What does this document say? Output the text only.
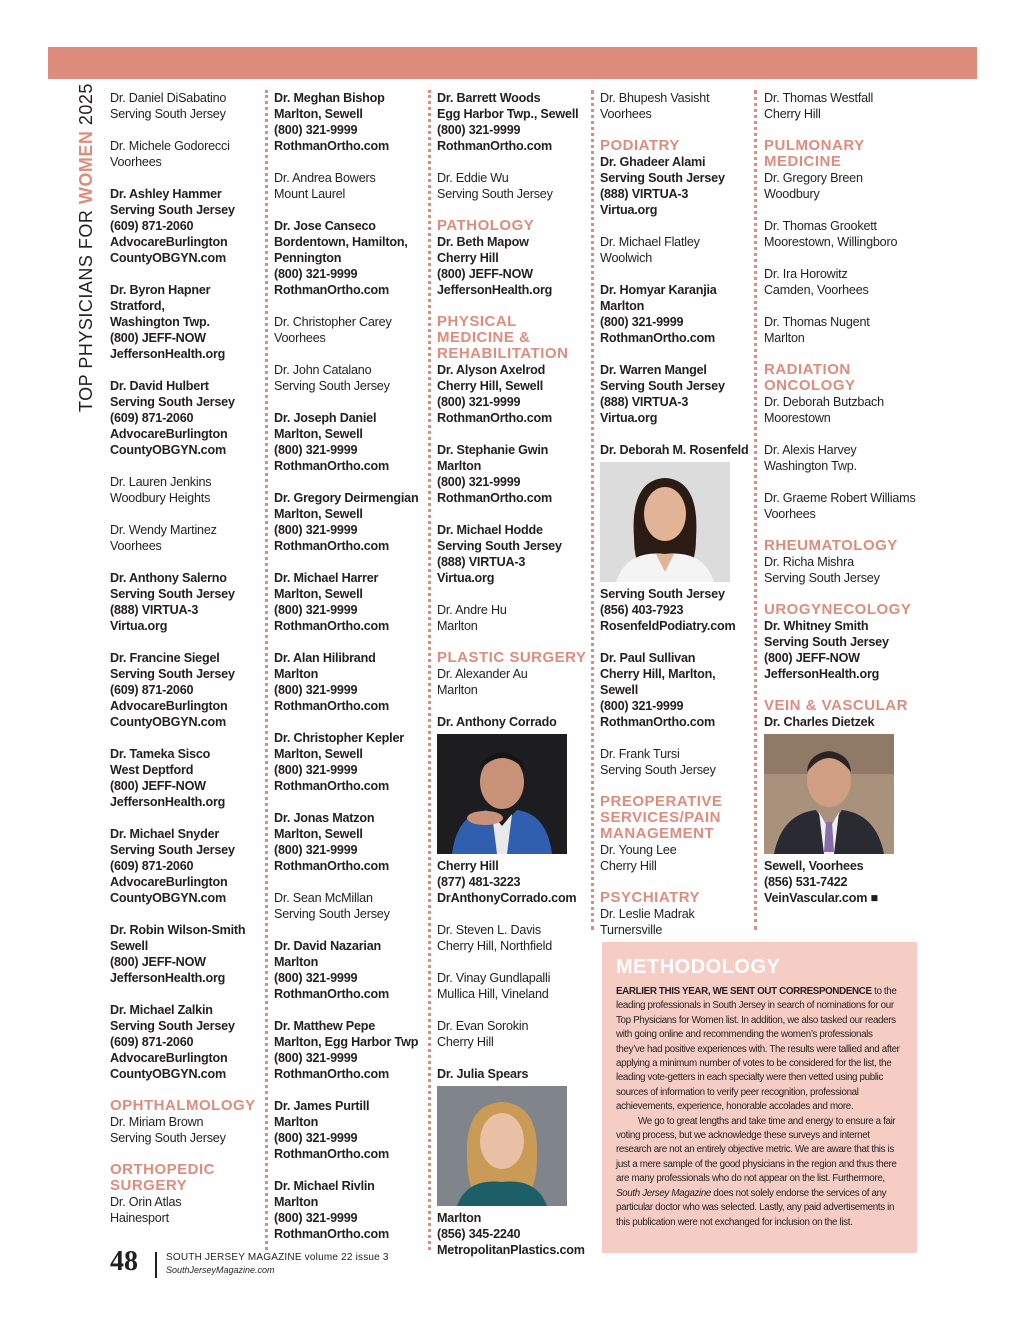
TOP PHYSICIANS FOR WOMEN 2025 Dr. Daniel DiSabatino
Serving South Jersey
Dr. Michele Godorecci
Voorhees
Dr. Ashley Hammer
Serving South Jersey
(609) 871-2060
AdvocareBurlington
CountyOBGYN.com
Dr. Byron Hapner
Stratford,
Washington Twp.
(800) JEFF-NOW
JeffersonHealth.org
Dr. David Hulbert
Serving South Jersey
(609) 871-2060
AdvocareBurlington
CountyOBGYN.com
Dr. Lauren Jenkins
Woodbury Heights
Dr. Wendy Martinez
Voorhees
Dr. Anthony Salerno
Serving South Jersey
(888) VIRTUA-3
Virtua.org
Dr. Francine Siegel
Serving South Jersey
(609) 871-2060
AdvocareBurlington
CountyOBGYN.com
Dr. Tameka Sisco
West Deptford
(800) JEFF-NOW
JeffersonHealth.org
Dr. Michael Snyder
Serving South Jersey
(609) 871-2060
AdvocareBurlington
CountyOBGYN.com
Dr. Robin Wilson-Smith
Sewell
(800) JEFF-NOW
JeffersonHealth.org
Dr. Michael Zalkin
Serving South Jersey
(609) 871-2060
AdvocareBurlington
CountyOBGYN.com
OPHTHALMOLOGY
Dr. Miriam Brown
Serving South Jersey
ORTHOPEDIC
SURGERY
Dr. Orin Atlas
Hainesport
Dr. Meghan Bishop
Marlton, Sewell
(800) 321-9999
RothmanOrtho.com
Dr. Andrea Bowers
Mount Laurel
Dr. Jose Canseco
Bordentown, Hamilton,
Pennington
(800) 321-9999
RothmanOrtho.com
Dr. Christopher Carey
Voorhees
Dr. John Catalano
Serving South Jersey
Dr. Joseph Daniel
Marlton, Sewell
(800) 321-9999
RothmanOrtho.com
Dr. Gregory Deirmengian
Marlton, Sewell
(800) 321-9999
RothmanOrtho.com
Dr. Michael Harrer
Marlton, Sewell
(800) 321-9999
RothmanOrtho.com
Dr. Alan Hilibrand
Marlton
(800) 321-9999
RothmanOrtho.com
Dr. Christopher Kepler
Marlton, Sewell
(800) 321-9999
RothmanOrtho.com
Dr. Jonas Matzon
Marlton, Sewell
(800) 321-9999
RothmanOrtho.com
Dr. Sean McMillan
Serving South Jersey
Dr. David Nazarian
Marlton
(800) 321-9999
RothmanOrtho.com
Dr. Matthew Pepe
Marlton, Egg Harbor Twp
(800) 321-9999
RothmanOrtho.com
Dr. James Purtill
Marlton
(800) 321-9999
RothmanOrtho.com
Dr. Michael Rivlin
Marlton
(800) 321-9999
RothmanOrtho.com
Dr. Barrett Woods
Egg Harbor Twp., Sewell
(800) 321-9999
RothmanOrtho.com
Dr. Eddie Wu
Serving South Jersey
PATHOLOGY
Dr. Beth Mapow
Cherry Hill
(800) JEFF-NOW
JeffersonHealth.org
PHYSICAL
MEDICINE &
REHABILITATION
Dr. Alyson Axelrod
Cherry Hill, Sewell
(800) 321-9999
RothmanOrtho.com
Dr. Stephanie Gwin
Marlton
(800) 321-9999
RothmanOrtho.com
Dr. Michael Hodde
Serving South Jersey
(888) VIRTUA-3
Virtua.org
Dr. Andre Hu
Marlton
PLASTIC SURGERY
Dr. Alexander Au
Marlton
Dr. Anthony Corrado
Cherry Hill
(877) 481-3223
DrAnthonyCorrado.com
Dr. Steven L. Davis
Cherry Hill, Northfield
Dr. Vinay Gundlapalli
Mullica Hill, Vineland
Dr. Evan Sorokin
Cherry Hill
Dr. Julia Spears
Marlton
(856) 345-2240
MetropolitanPlastics.com
Dr. Bhupesh Vasisht
Voorhees
PODIATRY
Dr. Ghadeer Alami
Serving South Jersey
(888) VIRTUA-3
Virtua.org
Dr. Michael Flatley
Woolwich
Dr. Homyar Karanjia
Marlton
(800) 321-9999
RothmanOrtho.com
Dr. Warren Mangel
Serving South Jersey
(888) VIRTUA-3
Virtua.org
Dr. Deborah M. Rosenfeld
Serving South Jersey
(856) 403-7923
RosenfeldPodiatry.com
Dr. Paul Sullivan
Cherry Hill, Marlton,
Sewell
(800) 321-9999
RothmanOrtho.com
Dr. Frank Tursi
Serving South Jersey
PREOPERATIVE
SERVICES/PAIN
MANAGEMENT
Dr. Young Lee
Cherry Hill
PSYCHIATRY
Dr. Leslie Madrak
Turnersville
Dr. Thomas Westfall
Cherry Hill
PULMONARY
MEDICINE
Dr. Gregory Breen
Woodbury
Dr. Thomas Grookett
Moorestown, Willingboro
Dr. Ira Horowitz
Camden, Voorhees
Dr. Thomas Nugent
Marlton
RADIATION
ONCOLOGY
Dr. Deborah Butzbach
Moorestown
Dr. Alexis Harvey
Washington Twp.
Dr. Graeme Robert Williams
Voorhees
RHEUMATOLOGY
Dr. Richa Mishra
Serving South Jersey
UROGYNECOLOGY
Dr. Whitney Smith
Serving South Jersey
(800) JEFF-NOW
JeffersonHealth.org
VEIN & VASCULAR
Dr. Charles Dietzek
Sewell, Voorhees
(856) 531-7422
VeinVascular.com ■
METHODOLOGY

EARLIER THIS YEAR, WE SENT OUT CORRESPONDENCE to the leading professionals in South Jersey in search of nominations for our Top Physicians for Women list. In addition, we also tasked our readers with going online and recommending the women’s professionals they’ve had positive experiences with. The results were tallied and after applying a minimum number of votes to be considered for the list, the leading vote-getters in each specialty were then vetted using public sources of information to verify peer recognition, professional achievements, experience, honorable accolades and more.

We go to great lengths and take time and energy to ensure a fair voting process, but we acknowledge these surveys and internet research are not an entirely objective metric. We are aware that this is just a mere sample of the good physicians in the region and thus there are many professionals who do not appear on the list. Furthermore, South Jersey Magazine does not solely endorse the services of any particular doctor who was selected. Lastly, any paid advertisements in this publication were not exchanged for inclusion on the list.

48	SOUTH JERSEY MAGAZINE volume 22 issue 3
SouthJerseyMagazine.com
